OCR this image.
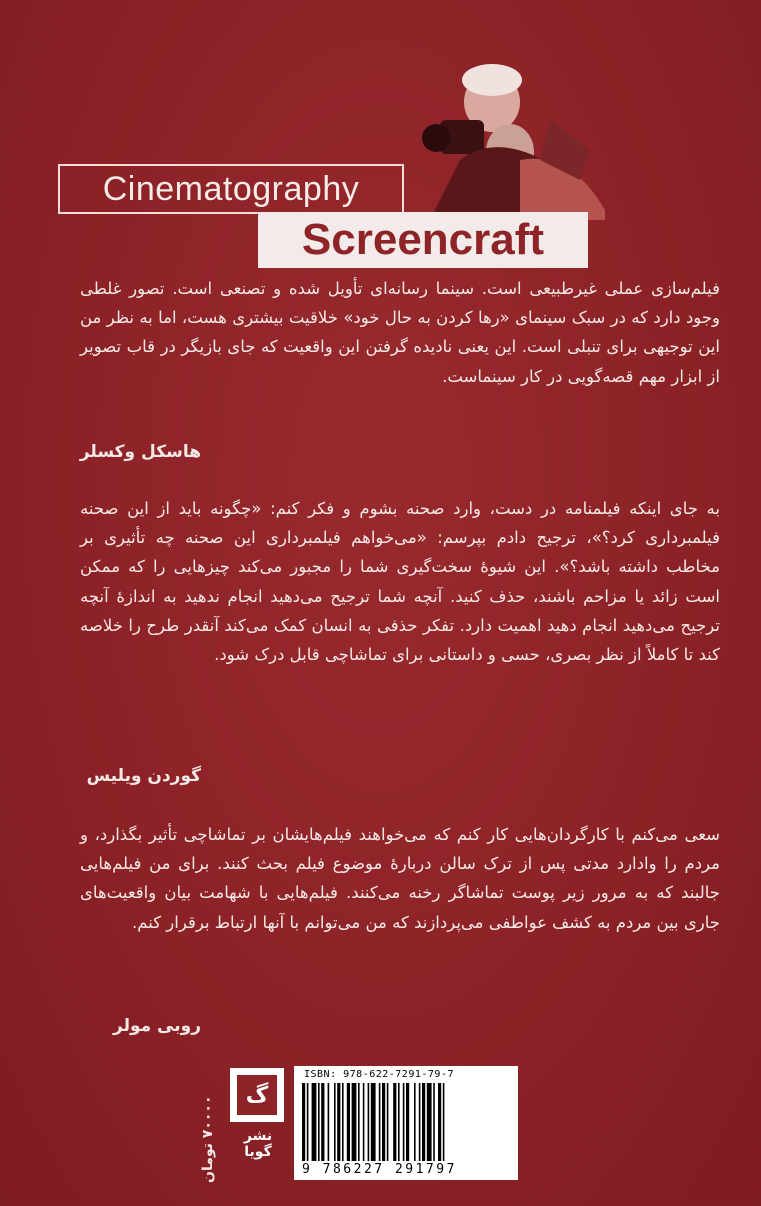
Cinematography
Screencraft
فیلم‌سازی عملی غیرطبیعی است. سینما رسانه‌ای تأویل شده و تصنعی است. تصور غلطی وجود دارد که در سبک سینمای «رها کردن به حال خود» خلاقیت بیشتری هست، اما به نظر من این توجیهی برای تنبلی است. این یعنی نادیده گرفتن این واقعیت که جای بازیگر در قاب تصویر از ابزار مهم قصه‌گویی در کار سینماست.
هاسکل وکسلر
به جای اینکه فیلمنامه در دست، وارد صحنه بشوم و فکر کنم: «چگونه باید از این صحنه فیلمبرداری کرد؟»، ترجیح دادم بپرسم: «می‌خواهم فیلمبرداری این صحنه چه تأثیری بر مخاطب داشته باشد؟». این شیوهٔ سخت‌گیری شما را مجبور می‌کند چیزهایی را که ممکن است زائد یا مزاحم باشند، حذف کنید. آنچه شما ترجیح می‌دهید انجام ندهید به اندازهٔ آنچه ترجیح می‌دهید انجام دهید اهمیت دارد. تفکر حذفی به انسان کمک می‌کند آنقدر طرح را خلاصه کند تا کاملاً از نظر بصری، حسی و داستانی برای تماشاچی قابل درک شود.
گوردن ویلیس
سعی می‌کنم با کارگردان‌هایی کار کنم که می‌خواهند فیلم‌هایشان بر تماشاچی تأثیر بگذارد، و مردم را وادارد مدتی پس از ترک سالن دربارهٔ موضوع فیلم بحث کنند. برای من فیلم‌هایی جالبند که به مرور زیر پوست تماشاگر رخنه می‌کنند. فیلم‌هایی با شهامت بیان واقعیت‌های جاری بین مردم به کشف عواطفی می‌پردازند که من می‌توانم با آنها ارتباط برقرار کنم.
روبی مولر
۷۰۰۰۰ تومان
گ
نشر گویا
ISBN: 978-622-7291-79-7
9 786227 291797
